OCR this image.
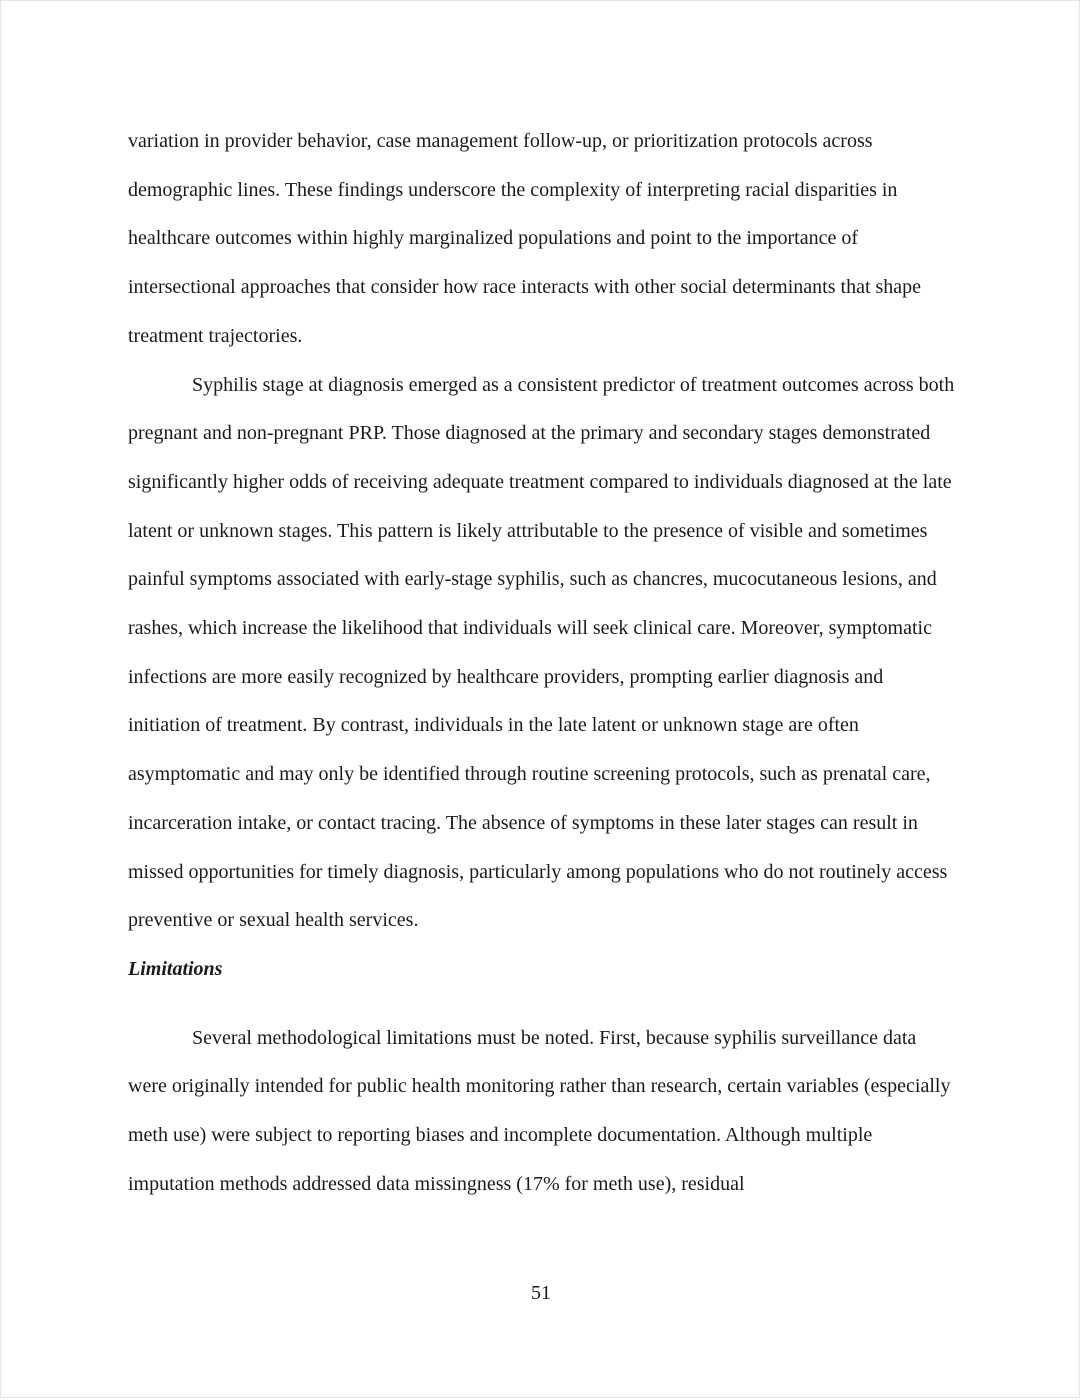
variation in provider behavior, case management follow-up, or prioritization protocols across demographic lines. These findings underscore the complexity of interpreting racial disparities in healthcare outcomes within highly marginalized populations and point to the importance of intersectional approaches that consider how race interacts with other social determinants that shape treatment trajectories.

Syphilis stage at diagnosis emerged as a consistent predictor of treatment outcomes across both pregnant and non-pregnant PRP. Those diagnosed at the primary and secondary stages demonstrated significantly higher odds of receiving adequate treatment compared to individuals diagnosed at the late latent or unknown stages. This pattern is likely attributable to the presence of visible and sometimes painful symptoms associated with early-stage syphilis, such as chancres, mucocutaneous lesions, and rashes, which increase the likelihood that individuals will seek clinical care. Moreover, symptomatic infections are more easily recognized by healthcare providers, prompting earlier diagnosis and initiation of treatment. By contrast, individuals in the late latent or unknown stage are often asymptomatic and may only be identified through routine screening protocols, such as prenatal care, incarceration intake, or contact tracing. The absence of symptoms in these later stages can result in missed opportunities for timely diagnosis, particularly among populations who do not routinely access preventive or sexual health services.

Limitations

Several methodological limitations must be noted. First, because syphilis surveillance data were originally intended for public health monitoring rather than research, certain variables (especially meth use) were subject to reporting biases and incomplete documentation. Although multiple imputation methods addressed data missingness (17% for meth use), residual

51
